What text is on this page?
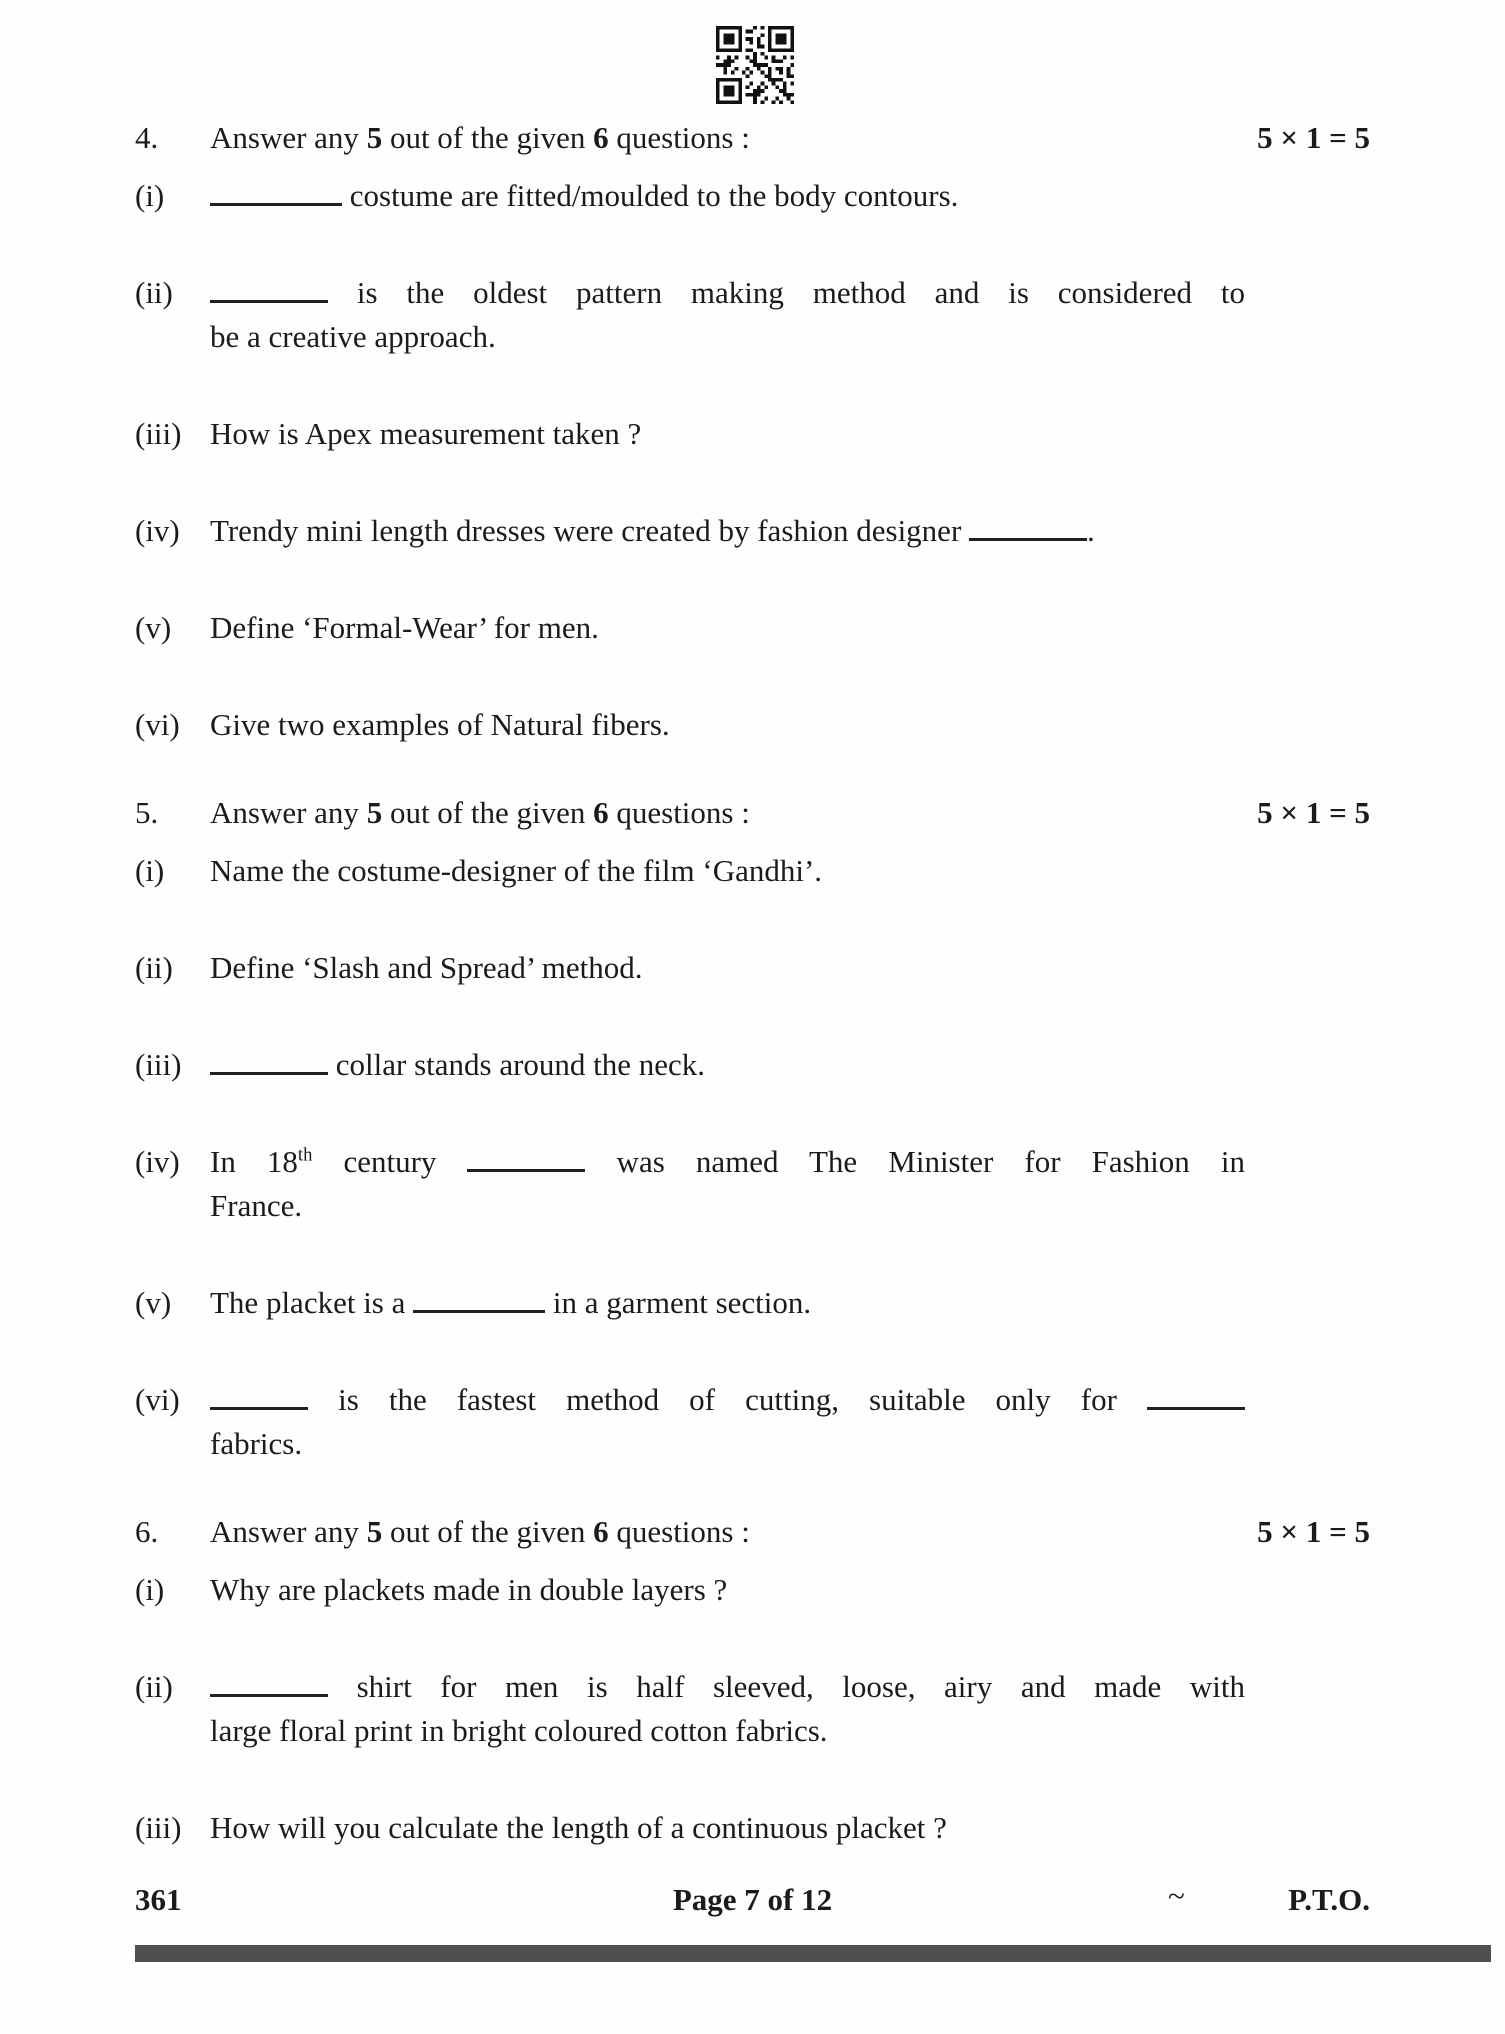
4.	Answer any 5 out of the given 6 questions :	5 × 1 = 5
(i)	costume are fitted/moulded to the body contours.
(ii)	is the oldest pattern making method and is considered to
be a creative approach.
(iii) How is Apex measurement taken ?
(iv) Trendy mini length dresses were created by fashion designer	.
(v)	Define ‘Formal-Wear’ for men.
(vi) Give two examples of Natural fibers.
5.	Answer any 5 out of the given 6 questions :	5 × 1 = 5
(i)	Name the costume-designer of the film ‘Gandhi’.
(ii)	Define ‘Slash and Spread’ method.
(iii)	collar stands around the neck.
(iv) In 18th century	was named The Minister for Fashion in
France.
(v)	The placket is a	in a garment section.
(vi)	is the fastest method of cutting, suitable only for
fabrics.
6.	Answer any 5 out of the given 6 questions :	5 × 1 = 5
(i)	Why are plackets made in double layers ?
(ii)	shirt for men is half sleeved, loose, airy and made with
large floral print in bright coloured cotton fabrics.
(iii) How will you calculate the length of a continuous placket ?
361	Page 7 of 12	~	P.T.O.
